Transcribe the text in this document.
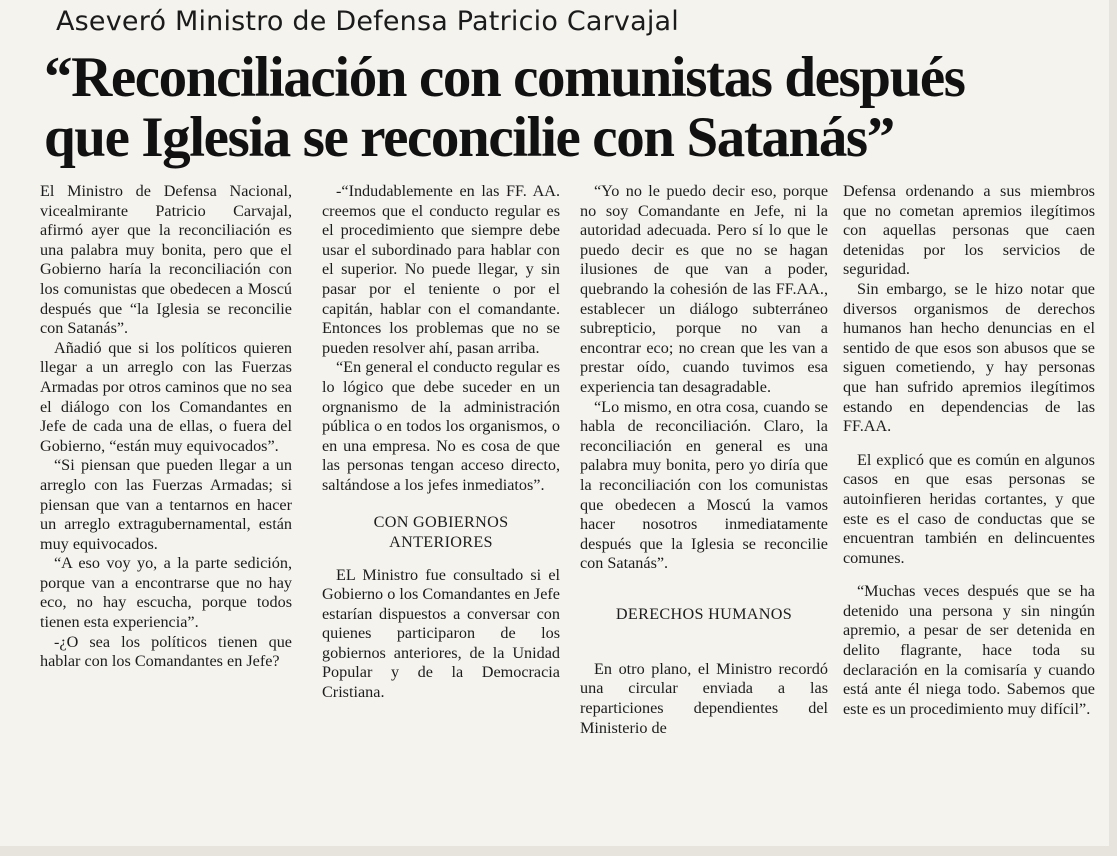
Aseveró Ministro de Defensa Patricio Carvajal
“Reconciliación con comunistas después
que Iglesia se reconcilie con Satanás”

El Ministro de Defensa Nacional, vicealmirante Patricio Carvajal, afirmó ayer que la reconciliación es una palabra muy bonita, pero que el Gobierno haría la reconciliación con los comunistas que obedecen a Moscú después que “la Iglesia se reconcilie con Satanás”.

Añadió que si los políticos quieren llegar a un arreglo con las Fuerzas Armadas por otros caminos que no sea el diálogo con los Comandantes en Jefe de cada una de ellas, o fuera del Gobierno, “están muy equivocados”.

“Si piensan que pueden llegar a un arreglo con las Fuerzas Armadas; si piensan que van a tentarnos en hacer un arreglo extragubernamental, están muy equivocados.

“A eso voy yo, a la parte sedición, porque van a encontrarse que no hay eco, no hay escucha, porque todos tienen esta experiencia”.

-¿O sea los políticos tienen que hablar con los Comandantes en Jefe?

-“Indudablemente en las FF. AA. creemos que el conducto regular es el procedimiento que siempre debe usar el subordinado para hablar con el superior. No puede llegar, y sin pasar por el teniente o por el capitán, hablar con el comandante. Entonces los problemas que no se pueden resolver ahí, pasan arriba.

“En general el conducto regular es lo lógico que debe suceder en un orgnanismo de la administración pública o en todos los organismos, o en una empresa. No es cosa de que las personas tengan acceso directo, saltándose a los jefes inmediatos”.

CON GOBIERNOS ANTERIORES

EL Ministro fue consultado si el Gobierno o los Comandantes en Jefe estarían dispuestos a conversar con quienes participaron de los gobiernos anteriores, de la Unidad Popular y de la Democracia Cristiana.

“Yo no le puedo decir eso, porque no soy Comandante en Jefe, ni la autoridad adecuada. Pero sí lo que le puedo decir es que no se hagan ilusiones de que van a poder, quebrando la cohesión de las FF.AA., establecer un diálogo subterráneo subrepticio, porque no van a encontrar eco; no crean que les van a prestar oído, cuando tuvimos esa experiencia tan desagradable.

“Lo mismo, en otra cosa, cuando se habla de reconciliación. Claro, la reconciliación en general es una palabra muy bonita, pero yo diría que la reconciliación con los comunistas que obedecen a Moscú la vamos hacer nosotros inmediatamente después que la Iglesia se reconcilie con Satanás”.

DERECHOS HUMANOS

En otro plano, el Ministro recordó una circular enviada a las reparticiones dependientes del Ministerio de

Defensa ordenando a sus miembros que no cometan apremios ilegítimos con aquellas personas que caen detenidas por los servicios de seguridad.

Sin embargo, se le hizo notar que diversos organismos de derechos humanos han hecho denuncias en el sentido de que esos son abusos que se siguen cometiendo, y hay personas que han sufrido apremios ilegítimos estando en dependencias de las FF.AA.

El explicó que es común en algunos casos en que esas personas se autoinfieren heridas cortantes, y que este es el caso de conductas que se encuentran también en delincuentes comunes.

“Muchas veces después que se ha detenido una persona y sin ningún apremio, a pesar de ser detenida en delito flagrante, hace toda su declaración en la comisaría y cuando está ante él niega todo. Sabemos que este es un procedimiento muy difícil”.
